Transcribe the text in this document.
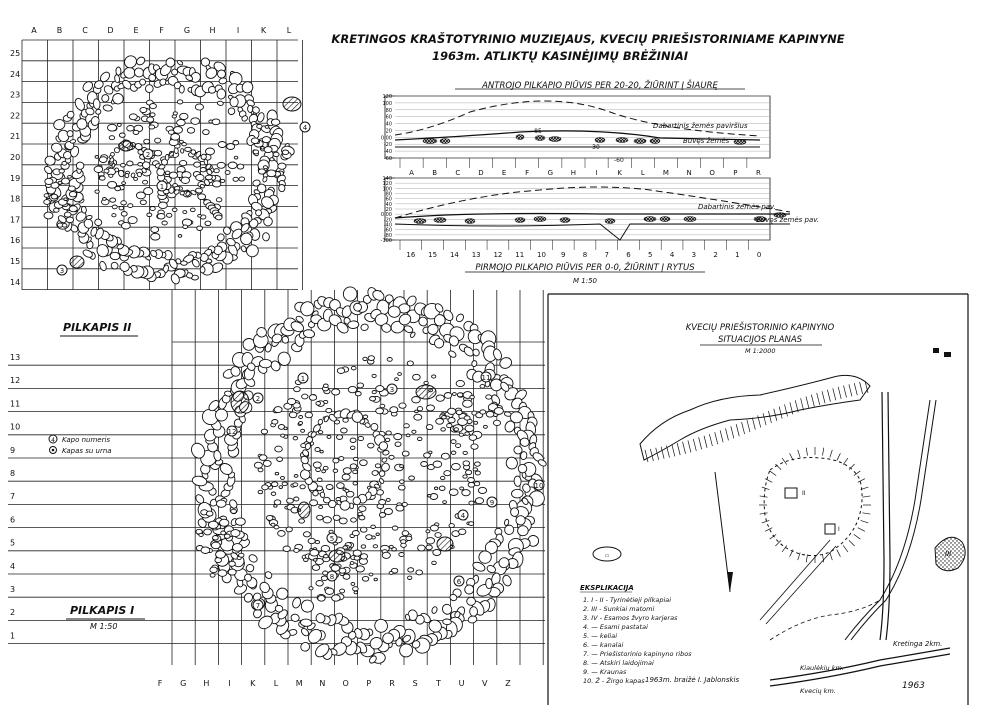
KRETINGOS KRAŠTOTYRINIO MUZIEJAUS, KVECIŲ PRIEŠISTORINIAME KAPINYNE
1963m. ATLIKTŲ KASINĖJIMŲ BRĖŽINIAI
A	B C D E	F	G H	I	K	L
25
24
23
22
21
20
19
18
17
16
15
14
PILKAPIS II
1
2
3
4
13
12
11
10
9
8
7
6
5
4
3
2
1
F G H I K L M N O P R S T U V Z
PILKAPIS I
M 1:50
1
2
3
4
5
6
7
8
9
10
11
12
4 Kapo numeris
Kapas su urna
ANTROJO PILKAPIO PIŪVIS PER 20-20, ŽIŪRINT Į ŠIAURĘ
120
100
80
60
40
20
0.00
-20
-40
-60
Dabartinis žemės paviršius
Buvęs žemės
-60
-30
-85
A	B	C	D	E	F	G	H	I	K	L	M N	O	P	R
140
120
100
80
60
40
20
0.00
-20
-40
-60
-80
-100
Dabartinis žemės pav.
Buvęs žemės pav.
16 15 14 13 12 11 10 9 8 7 6 5 4 3 2 1 0
PIRMOJO PILKAPIO PIŪVIS PER 0-0, ŽIŪRINT Į RYTUS
M 1:50
KVECIŲ PRIEŠISTORINIO KAPINYNO
SITUACIJOS PLANAS
M 1:2000
II
I
III
▭
Kretinga 2km.
Kiaulėkių km.
Kvecių km.
EKSPLIKACIJA
1. I - II - Tyrinėtieji pilkapiai
2. III - Sunkiai matomi
3. IV - Esamos žvyro karjeras
4. — Esami pastatai
5. — keliai
6. — kanalai
7. — Priešistorinio kapinyno ribos
8. — Atskiri laidojimai
9. — Kraunas
10. Ž - Žirgo kapas 1963m. braižė I. Jablonskis
1963
